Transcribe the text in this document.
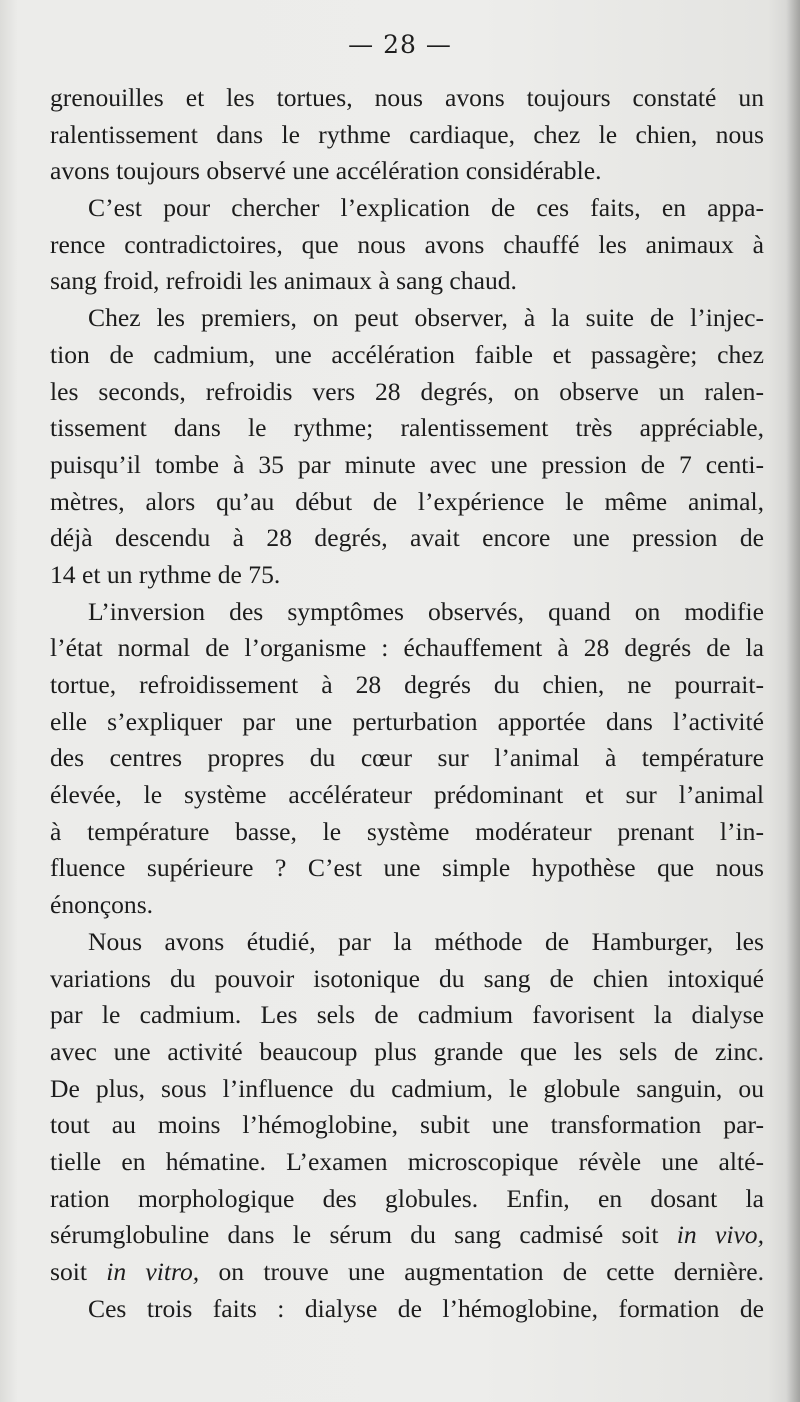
— 28 —
grenouilles et les tortues, nous avons toujours constaté un
ralentissement dans le rythme cardiaque, chez le chien, nous
avons toujours observé une accélération considérable.
C’est pour chercher l’explication de ces faits, en appa-
rence contradictoires, que nous avons chauffé les animaux à
sang froid, refroidi les animaux à sang chaud.
Chez les premiers, on peut observer, à la suite de l’injec-
tion de cadmium, une accélération faible et passagère; chez
les seconds, refroidis vers 28 degrés, on observe un ralen-
tissement dans le rythme; ralentissement très appréciable,
puisqu’il tombe à 35 par minute avec une pression de 7 centi-
mètres, alors qu’au début de l’expérience le même animal,
déjà descendu à 28 degrés, avait encore une pression de
14 et un rythme de 75.
L’inversion des symptômes observés, quand on modifie
l’état normal de l’organisme : échauffement à 28 degrés de la
tortue, refroidissement à 28 degrés du chien, ne pourrait-
elle s’expliquer par une perturbation apportée dans l’activité
des centres propres du cœur sur l’animal à température
élevée, le système accélérateur prédominant et sur l’animal
à température basse, le système modérateur prenant l’in-
fluence supérieure ? C’est une simple hypothèse que nous
énonçons.
Nous avons étudié, par la méthode de Hamburger, les
variations du pouvoir isotonique du sang de chien intoxiqué
par le cadmium. Les sels de cadmium favorisent la dialyse
avec une activité beaucoup plus grande que les sels de zinc.
De plus, sous l’influence du cadmium, le globule sanguin, ou
tout au moins l’hémoglobine, subit une transformation par-
tielle en hématine. L’examen microscopique révèle une alté-
ration morphologique des globules. Enfin, en dosant la
sérumglobuline dans le sérum du sang cadmisé soit in vivo,
soit in vitro, on trouve une augmentation de cette dernière.
Ces trois faits : dialyse de l’hémoglobine, formation de
